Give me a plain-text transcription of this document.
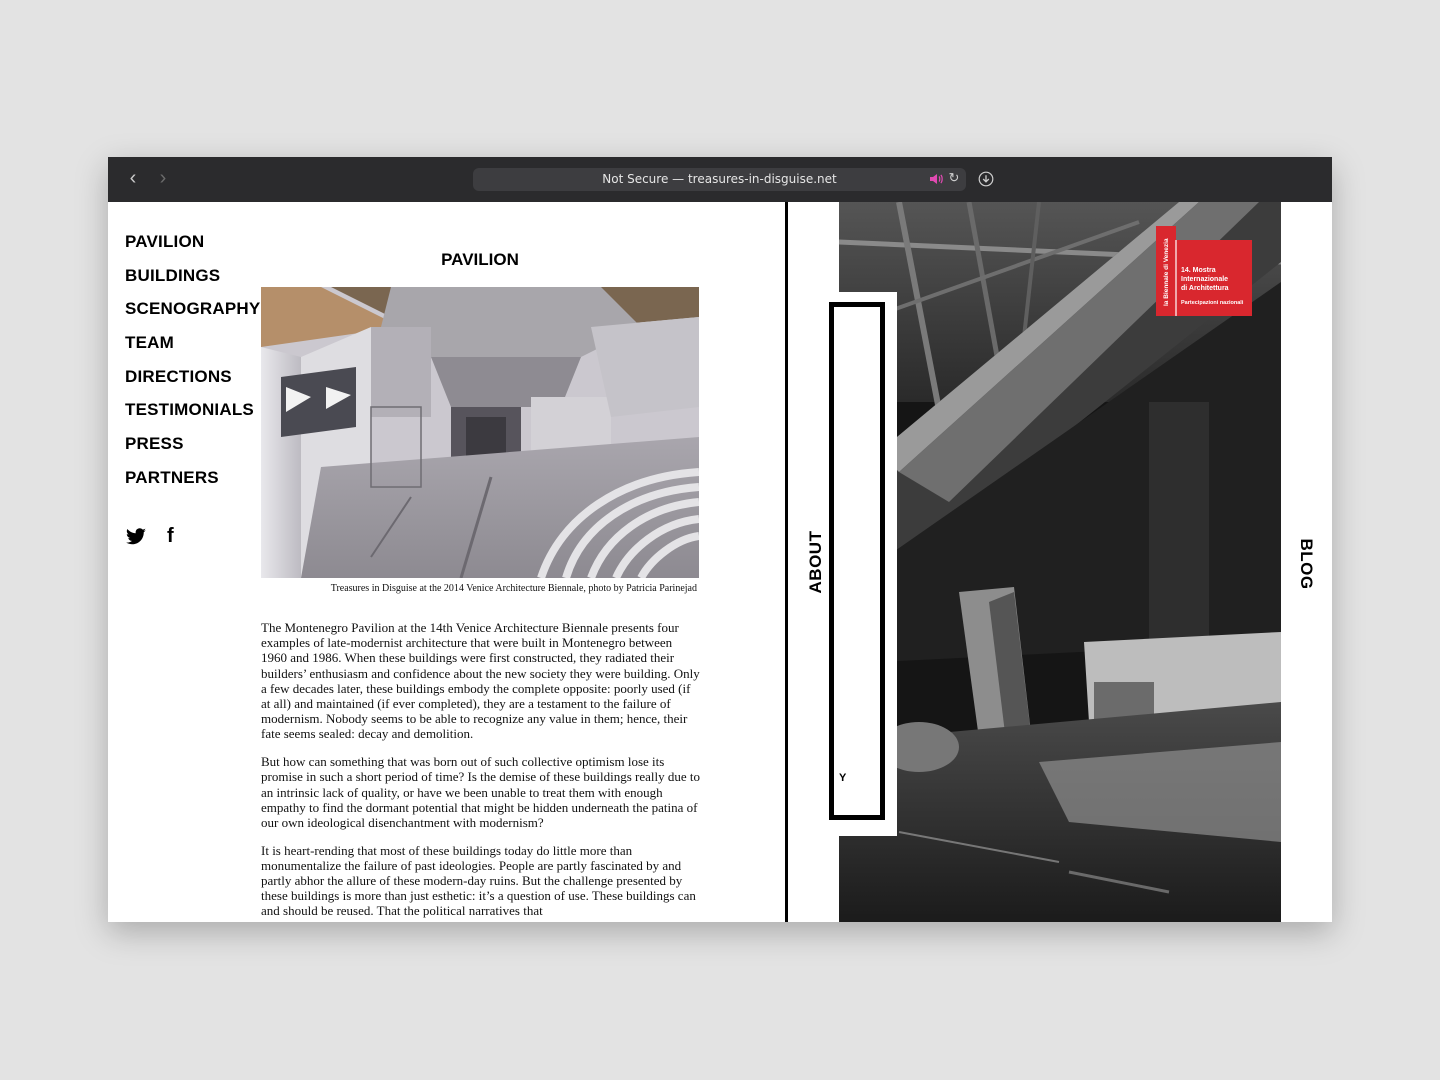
‹	›	Not Secure — treasures-in-disguise.net	↻
PAVILION
BUILDINGS
SCENOGRAPHY
TEAM
DIRECTIONS
TESTIMONIALS
PRESS
PARTNERS
f
PAVILION
Treasures in Disguise at the 2014 Venice Architecture Biennale, photo by Patricia Parinejad

The Montenegro Pavilion at the 14th Venice Architecture Biennale presents four examples of late-modernist architecture that were built in Montenegro between 1960 and 1986. When these buildings were first constructed, they radiated their builders’ enthusiasm and confidence about the new society they were building. Only a few decades later, these buildings embody the complete opposite: poorly used (if at all) and maintained (if ever completed), they are a testament to the failure of modernism. Nobody seems to be able to recognize any value in them; hence, their fate seems sealed: decay and demolition.

But how can something that was born out of such collective optimism lose its promise in such a short period of time? Is the demise of these buildings really due to an intrinsic lack of quality, or have we been unable to treat them with enough empathy to find the dormant potential that might be hidden underneath the patina of our own ideological disenchantment with modernism?

It is heart-rending that most of these buildings today do little more than monumentalize the failure of past ideologies. People are partly fascinated by and partly abhor the allure of these modern-day ruins. But the challenge presented by these buildings is more than just esthetic: it’s a question of use. These buildings can and should be reused. That the political narratives that

ABOUT
Y
la Biennale di Venezia 14. Mostra
Internazionale
di Architettura
Partecipazioni nazionali
BLOG
